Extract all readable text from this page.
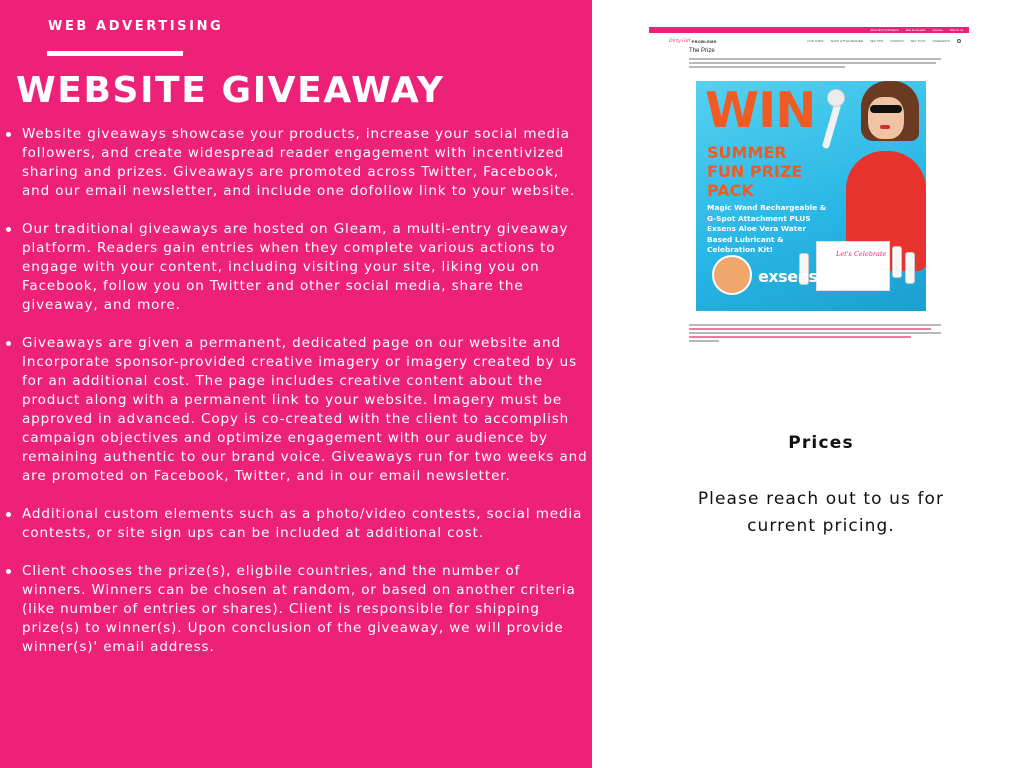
WEB ADVERTISING
WEBSITE GIVEAWAY
Website giveaways showcase your products, increase your social media followers, and create widespread reader engagement with incentivized sharing and prizes. Giveaways are promoted across Twitter, Facebook, and our email newsletter, and include one dofollow link to your website.
Our traditional giveaways are hosted on Gleam, a multi-entry giveaway platform. Readers gain entries when they complete various actions to engage with your content, including visiting your site, liking you on Facebook, follow you on Twitter and other social media, share the giveaway, and more.
Giveaways are given a permanent, dedicated page on our website and Incorporate sponsor-provided creative imagery or imagery created by us for an additional cost. The page includes creative content about the product along with a permanent link to your website. Imagery must be approved in advanced. Copy is co-created with the client to accomplish campaign objectives and optimize engagement with our audience by remaining authentic to our brand voice. Giveaways run for two weeks and are promoted on Facebook, Twitter, and in our email newsletter.
Additional custom elements such as a photo/video contests, social media contests, or site sign ups can be included at additional cost.
Client chooses the prize(s), eligbile countries, and the number of winners. Winners can be chosen at random, or based on another criteria (like number of entries or shares). Client is responsible for shipping prize(s) to winner(s). Upon conclusion of the giveaway, we will provide winner(s)' email address.
About Dirty Girl Problems	Meet the Founder	Advertise	Write for Us
Dirty Girl PROBLEMS	OUR LINKS SHOP LITTLE READER SEX TIPS FASHION SEX TOYS GIVEAWAYS
The Prize
WIN
SUMMER FUN PRIZE PACK
Magic Wand Rechargeable & G-Spot Attachment PLUS Exsens Aloe Vera Water Based Lubricant & Celebration Kit!	Let's Celebrate
exsens
Prices
Please reach out to us for current pricing.
